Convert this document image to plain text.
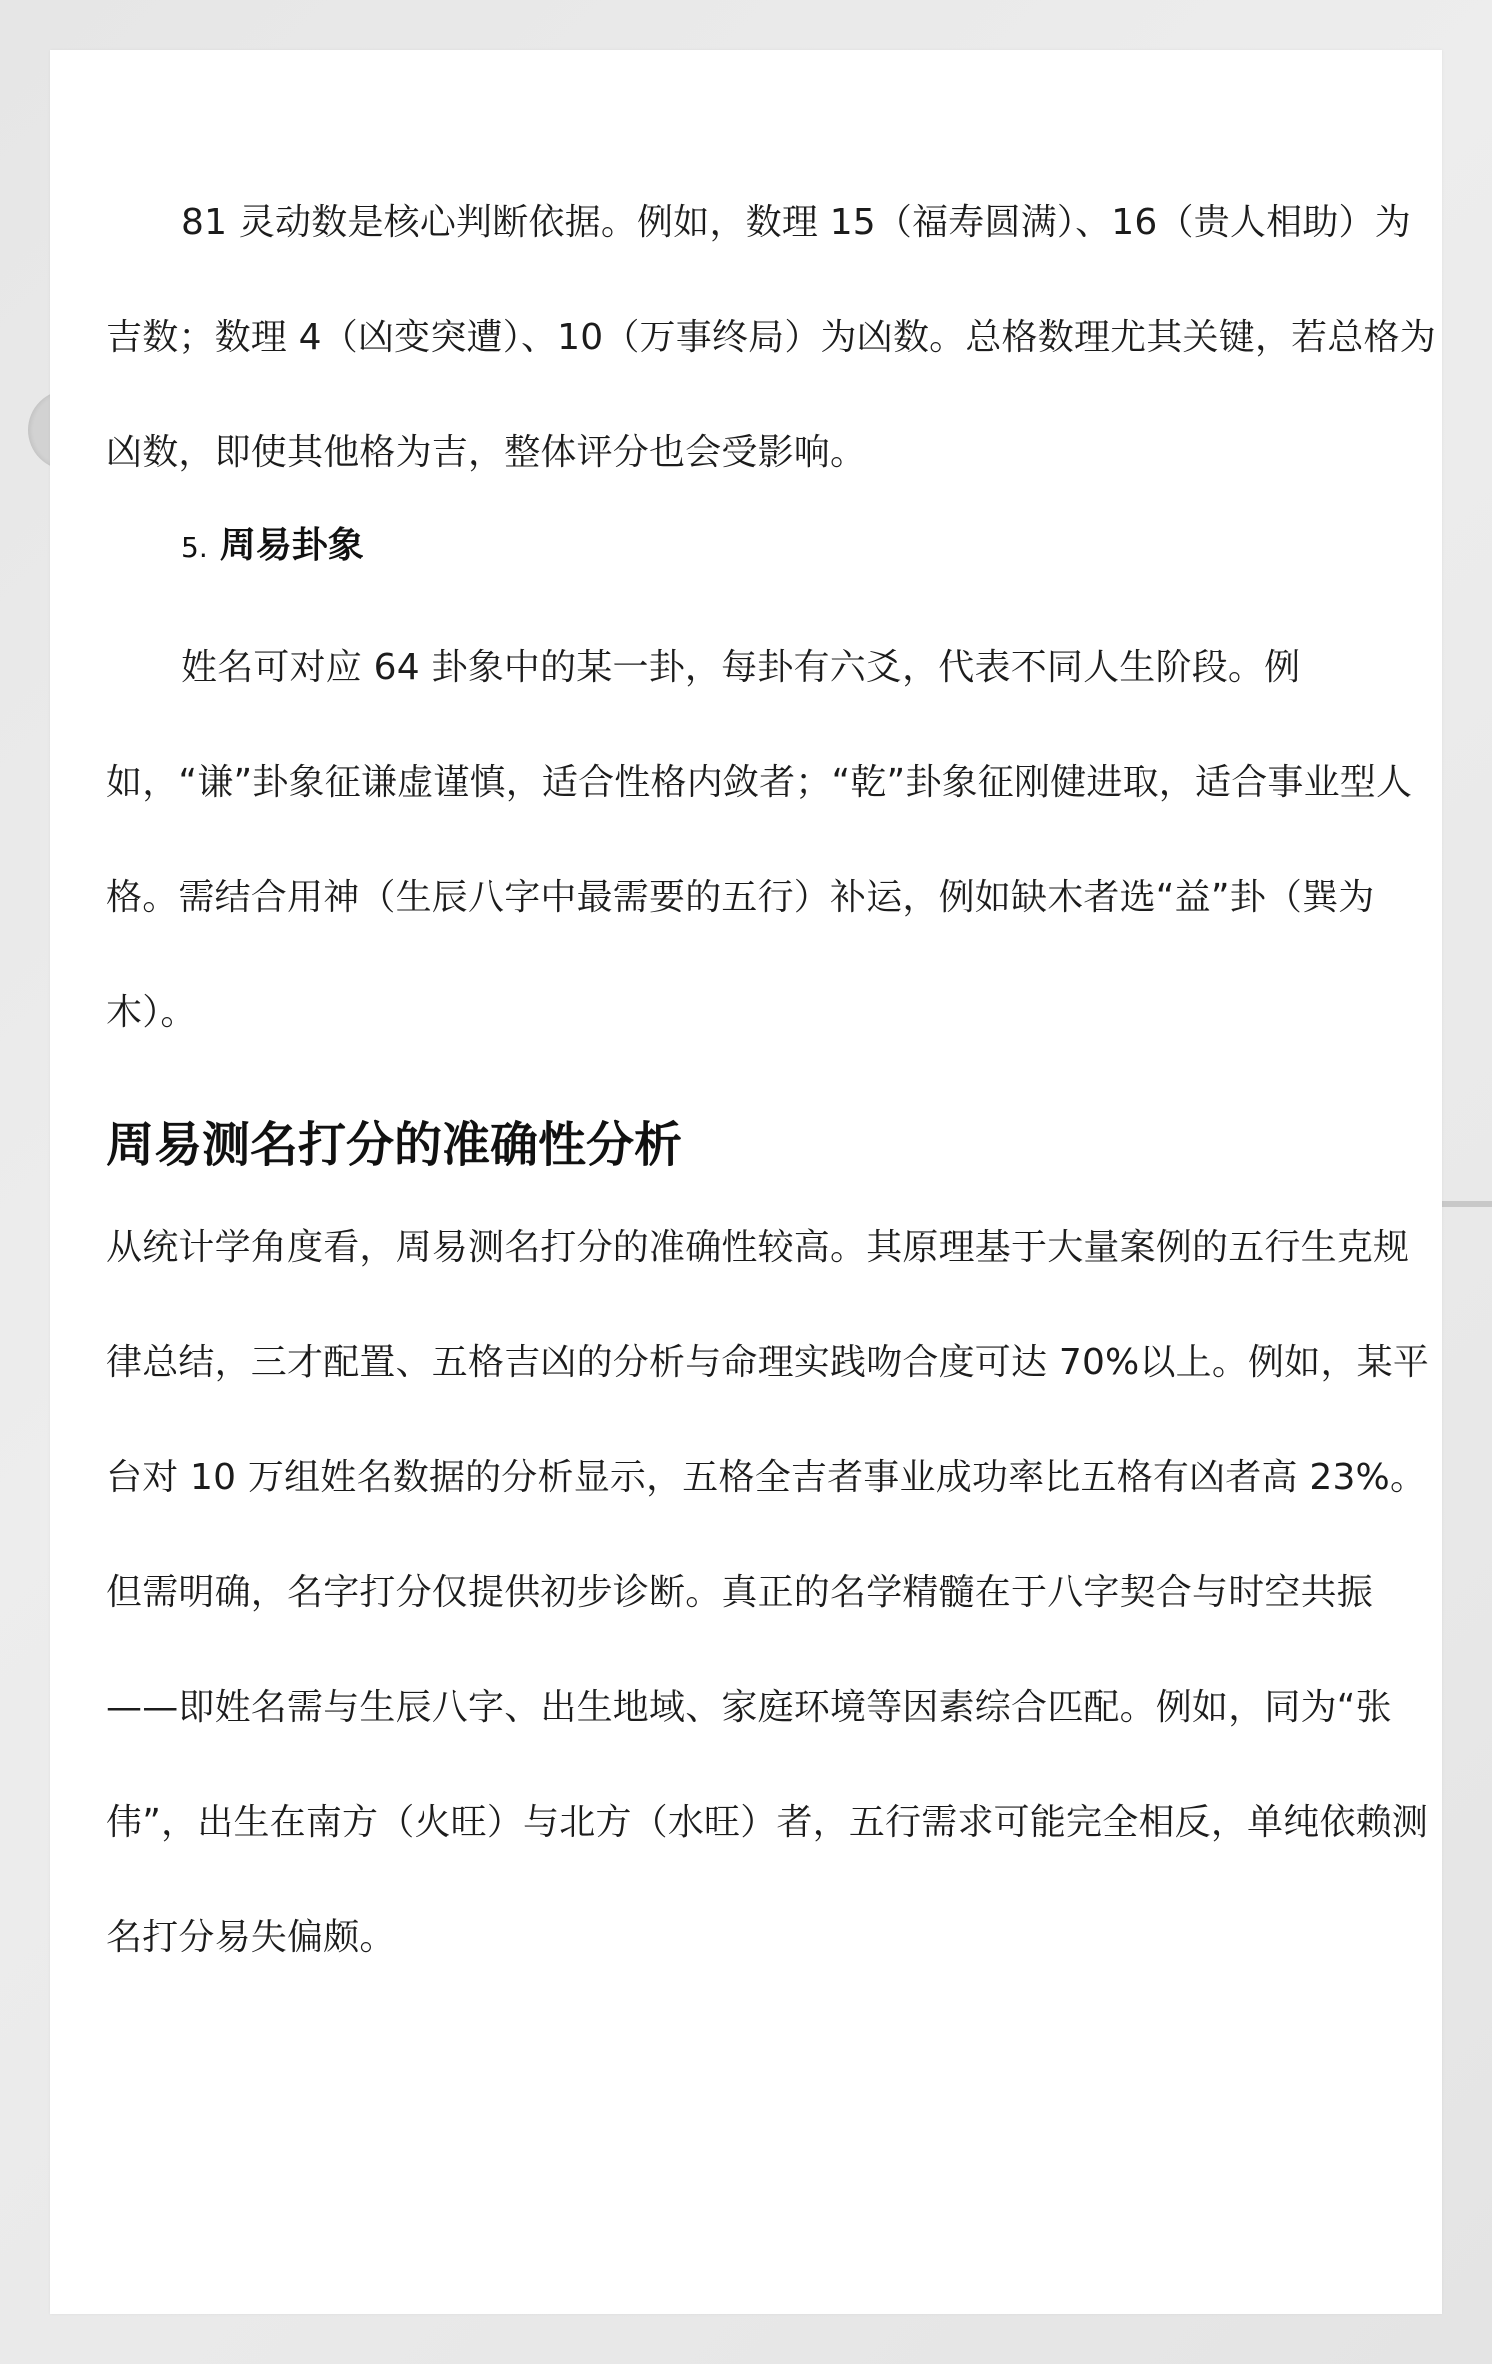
81 灵动数是核心判断依据。例如，数理 15（福寿圆满）、16（贵人相助）为吉数；数理 4（凶变突遭）、10（万事终局）为凶数。总格数理尤其关键，若总格为凶数，即使其他格为吉，整体评分也会受影响。

5. 周易卦象

姓名可对应 64 卦象中的某一卦，每卦有六爻，代表不同人生阶段。例如，“谦”卦象征谦虚谨慎，适合性格内敛者；“乾”卦象征刚健进取，适合事业型人格。需结合用神（生辰八字中最需要的五行）补运，例如缺木者选“益”卦（巽为木）。

周易测名打分的准确性分析

从统计学角度看，周易测名打分的准确性较高。其原理基于大量案例的五行生克规律总结，三才配置、五格吉凶的分析与命理实践吻合度可达 70%以上。例如，某平台对 10 万组姓名数据的分析显示，五格全吉者事业成功率比五格有凶者高 23%。

但需明确，名字打分仅提供初步诊断。真正的名学精髓在于八字契合与时空共振——即姓名需与生辰八字、出生地域、家庭环境等因素综合匹配。例如，同为“张伟”，出生在南方（火旺）与北方（水旺）者，五行需求可能完全相反，单纯依赖测名打分易失偏颇。
